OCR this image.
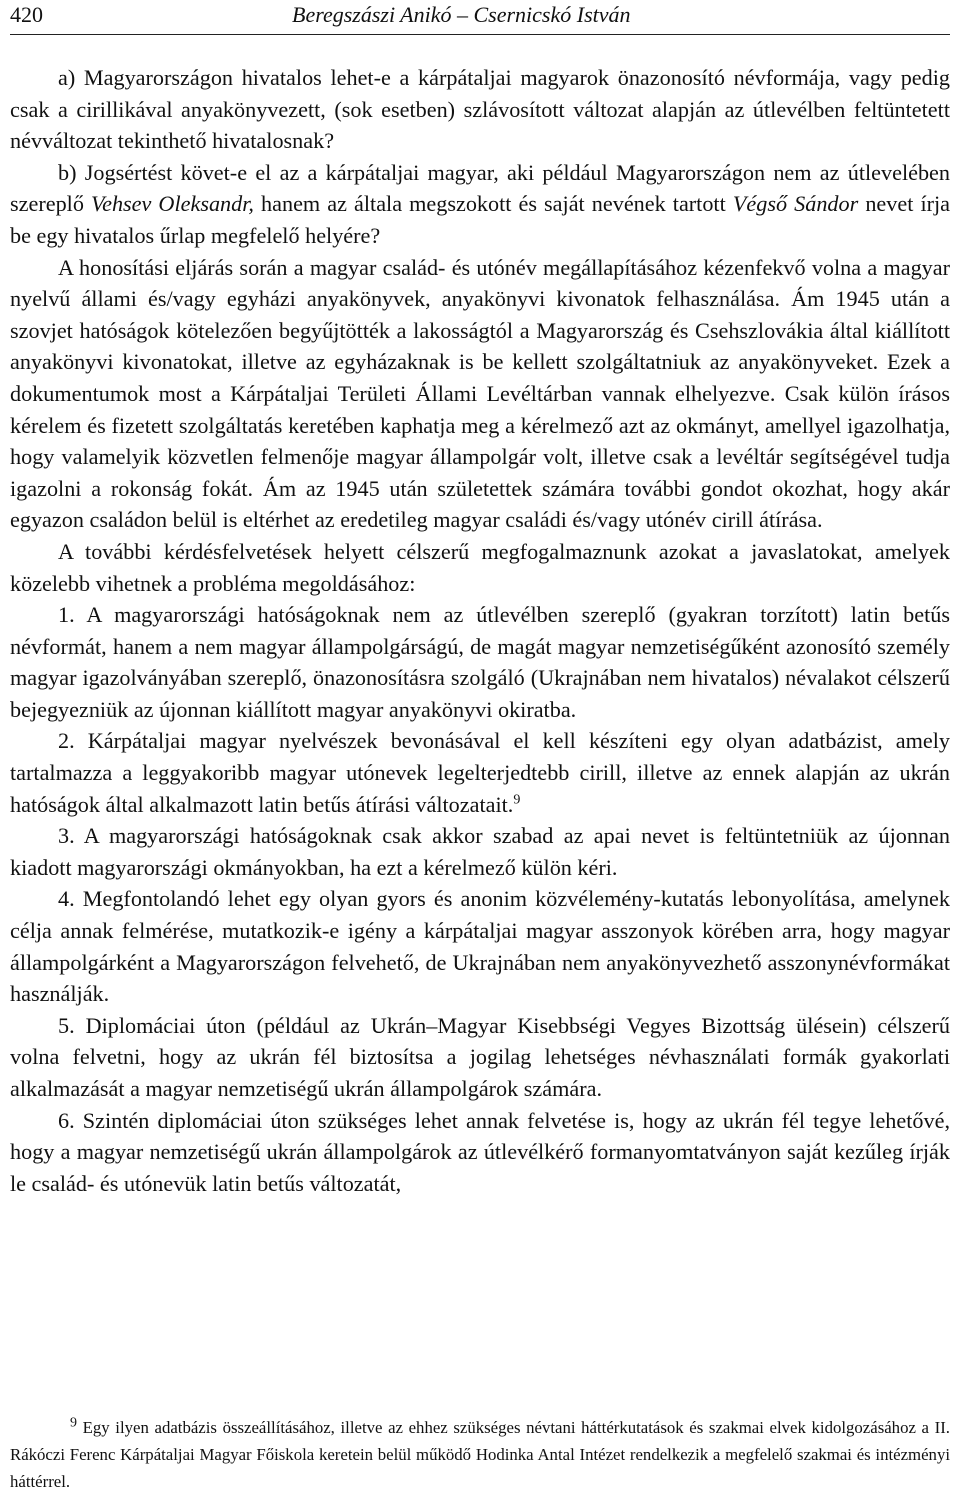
420	Beregszászi Anikó – Csernicskó István

a) Magyarországon hivatalos lehet-e a kárpátaljai magyarok önazonosító névformája, vagy pedig csak a cirillikával anyakönyvezett, (sok esetben) szlávosított változat alapján az útlevélben feltüntetett névváltozat tekinthető hivatalosnak?

b) Jogsértést követ-e el az a kárpátaljai magyar, aki például Magyarországon nem az útlevelében szereplő Vehsev Oleksandr, hanem az általa megszokott és saját nevének tartott Végső Sándor nevet írja be egy hivatalos űrlap megfelelő helyére?

A honosítási eljárás során a magyar család- és utónév megállapításához kézenfekvő volna a magyar nyelvű állami és/vagy egyházi anyakönyvek, anyakönyvi kivonatok felhasználása. Ám 1945 után a szovjet hatóságok kötelezően begyűjtötték a lakosságtól a Magyarország és Csehszlovákia által kiállított anyakönyvi kivonatokat, illetve az egyházaknak is be kellett szolgáltatniuk az anyakönyveket. Ezek a dokumentumok most a Kárpátaljai Területi Állami Levéltárban vannak elhelyezve. Csak külön írásos kérelem és fizetett szolgáltatás keretében kaphatja meg a kérelmező azt az okmányt, amellyel igazolhatja, hogy valamelyik közvetlen felmenője magyar állampolgár volt, illetve csak a levéltár segítségével tudja igazolni a rokonság fokát. Ám az 1945 után születettek számára további gondot okozhat, hogy akár egyazon családon belül is eltérhet az eredetileg magyar családi és/vagy utónév cirill átírása.

A további kérdésfelvetések helyett célszerű megfogalmaznunk azokat a javaslatokat, amelyek közelebb vihetnek a probléma megoldásához:

1. A magyarországi hatóságoknak nem az útlevélben szereplő (gyakran torzított) latin betűs névformát, hanem a nem magyar állampolgárságú, de magát magyar nemzetiségűként azonosító személy magyar igazolványában szereplő, önazonosításra szolgáló (Ukrajnában nem hivatalos) névalakot célszerű bejegyezniük az újonnan kiállított magyar anyakönyvi okiratba.

2. Kárpátaljai magyar nyelvészek bevonásával el kell készíteni egy olyan adatbázist, amely tartalmazza a leggyakoribb magyar utónevek legelterjedtebb cirill, illetve az ennek alapján az ukrán hatóságok által alkalmazott latin betűs átírási változatait.$^9$

3. A magyarországi hatóságoknak csak akkor szabad az apai nevet is feltüntetniük az újonnan kiadott magyarországi okmányokban, ha ezt a kérelmező külön kéri.

4. Megfontolandó lehet egy olyan gyors és anonim közvélemény-kutatás lebonyolítása, amelynek célja annak felmérése, mutatkozik-e igény a kárpátaljai magyar asszonyok körében arra, hogy magyar állampolgárként a Magyarországon felvehető, de Ukrajnában nem anyakönyvezhető asszonynévformákat használják.

5. Diplomáciai úton (például az Ukrán–Magyar Kisebbségi Vegyes Bizottság ülésein) célszerű volna felvetni, hogy az ukrán fél biztosítsa a jogilag lehetséges névhasználati formák gyakorlati alkalmazását a magyar nemzetiségű ukrán állampolgárok számára.

6. Szintén diplomáciai úton szükséges lehet annak felvetése is, hogy az ukrán fél tegye lehetővé, hogy a magyar nemzetiségű ukrán állampolgárok az útlevélkérő formanyomtatványon saját kezűleg írják le család- és utónevük latin betűs változatát,

$^9$ Egy ilyen adatbázis összeállításához, illetve az ehhez szükséges névtani háttérkutatások és szakmai elvek kidolgozásához a II. Rákóczi Ferenc Kárpátaljai Magyar Főiskola keretein belül működő Hodinka Antal Intézet rendelkezik a megfelelő szakmai és intézményi háttérrel.
